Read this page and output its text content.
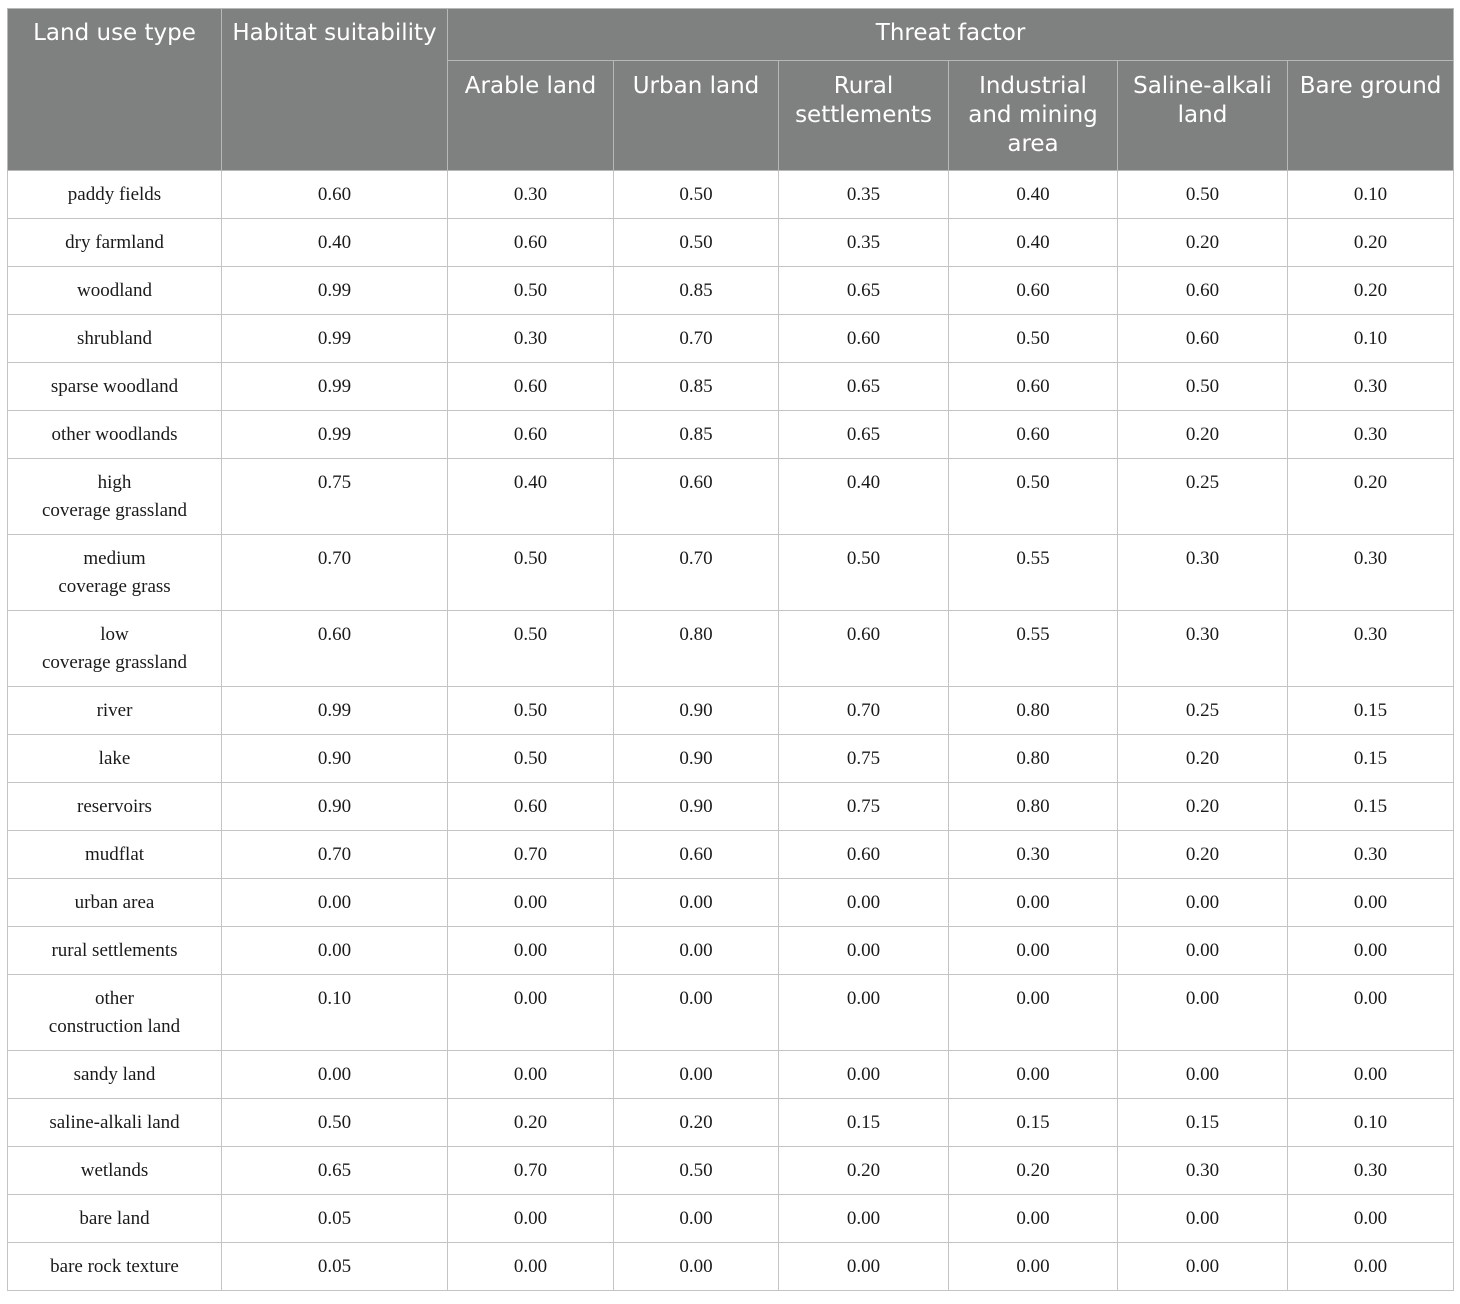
Land use type	Habitat suitability	Threat factor					
		Arable land	Urban land	Rural settlements	Industrial and mining area	Saline-alkali land	Bare ground

paddy fields	0.60	0.30	0.50	0.35	0.40	0.50	0.10

dry farmland	0.40	0.60	0.50	0.35	0.40	0.20	0.20

woodland	0.99	0.50	0.85	0.65	0.60	0.60	0.20

shrubland	0.99	0.30	0.70	0.60	0.50	0.60	0.10

sparse woodland	0.99	0.60	0.85	0.65	0.60	0.50	0.30

other woodlands	0.99	0.60	0.85	0.65	0.60	0.20	0.30

high
coverage grassland	0.75	0.40	0.60	0.40	0.50	0.25	0.20

medium
coverage grass	0.70	0.50	0.70	0.50	0.55	0.30	0.30

low
coverage grassland	0.60	0.50	0.80	0.60	0.55	0.30	0.30

river	0.99	0.50	0.90	0.70	0.80	0.25	0.15

lake	0.90	0.50	0.90	0.75	0.80	0.20	0.15

reservoirs	0.90	0.60	0.90	0.75	0.80	0.20	0.15

mudflat	0.70	0.70	0.60	0.60	0.30	0.20	0.30

urban area	0.00	0.00	0.00	0.00	0.00	0.00	0.00

rural settlements	0.00	0.00	0.00	0.00	0.00	0.00	0.00

other
construction land	0.10	0.00	0.00	0.00	0.00	0.00	0.00

sandy land	0.00	0.00	0.00	0.00	0.00	0.00	0.00

saline-alkali land	0.50	0.20	0.20	0.15	0.15	0.15	0.10

wetlands	0.65	0.70	0.50	0.20	0.20	0.30	0.30

bare land	0.05	0.00	0.00	0.00	0.00	0.00	0.00

bare rock texture	0.05	0.00	0.00	0.00	0.00	0.00	0.00
